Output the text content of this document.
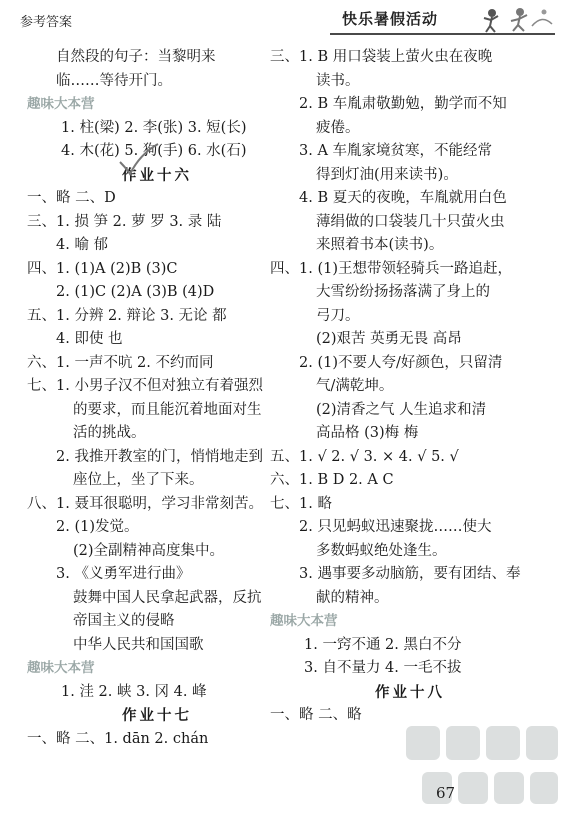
参考答案	快乐暑假活动
自然段的句子：当黎明来
临……等待开门。
趣味大本营
1. 柱(梁) 2. 李(张) 3. 短(长)
4. 木(花) 5. 狗(手) 6. 水(石)
作业十六
一、略 二、D
三、1. 损 笋 2. 萝 罗 3. 录 陆
4. 喻 郁
四、1. (1)A (2)B (3)C
2. (1)C (2)A (3)B (4)D
五、1. 分辨 2. 辩论 3. 无论 都
4. 即使 也
六、1. 一声不吭 2. 不约而同
七、1. 小男子汉不但对独立有着强烈
的要求，而且能沉着地面对生
活的挑战。
2. 我推开教室的门，悄悄地走到
座位上，坐了下来。
八、1. 聂耳很聪明，学习非常刻苦。
2. (1)发觉。
(2)全副精神高度集中。
3. 《义勇军进行曲》
鼓舞中国人民拿起武器，反抗
帝国主义的侵略
中华人民共和国国歌
趣味大本营
1. 洼 2. 峡 3. 冈 4. 峰
作业十七
一、略 二、1. dān 2. chán
三、1. B 用口袋装上萤火虫在夜晚
读书。
2. B 车胤肃敬勤勉，勤学而不知
疲倦。
3. A 车胤家境贫寒，不能经常
得到灯油(用来读书)。
4. B 夏天的夜晚，车胤就用白色
薄绢做的口袋装几十只萤火虫
来照着书本(读书)。
四、1. (1)王想带领轻骑兵一路追赶，
大雪纷纷扬扬落满了身上的
弓刀。
(2)艰苦 英勇无畏 高昂
2. (1)不要人夸/好颜色，只留清
气/满乾坤。
(2)清香之气 人生追求和清
高品格 (3)梅 梅
五、1. √ 2. √ 3. × 4. √ 5. √
六、1. B D 2. A C
七、1. 略
2. 只见蚂蚁迅速聚拢……使大
多数蚂蚁绝处逢生。
3. 遇事要多动脑筋，要有团结、奉
献的精神。
趣味大本营
1. 一窍不通 2. 黑白不分
3. 自不量力 4. 一毛不拔
作业十八
一、略 二、略
67
